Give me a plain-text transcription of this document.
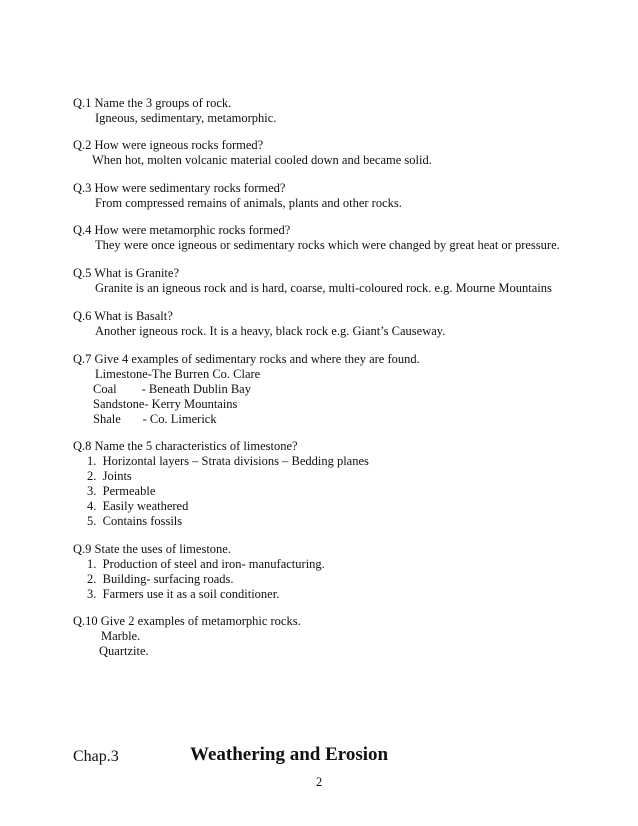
Q.1 Name the 3 groups of rock.
Igneous, sedimentary, metamorphic.
Q.2 How were igneous rocks formed?
When hot, molten volcanic material cooled down and became solid.
Q.3 How were sedimentary rocks formed?
From compressed remains of animals, plants and other rocks.
Q.4 How were metamorphic rocks formed?
They were once igneous or sedimentary rocks which were changed by great heat or pressure.
Q.5 What is Granite?
Granite is an igneous rock and is hard, coarse, multi-coloured rock. e.g. Mourne Mountains
Q.6 What is Basalt?
Another igneous rock. It is a heavy, black rock e.g. Giant’s Causeway.
Q.7 Give 4 examples of sedimentary rocks and where they are found.
Limestone-The Burren Co. Clare
Coal        - Beneath Dublin Bay
Sandstone- Kerry Mountains
Shale       - Co. Limerick
Q.8 Name the 5 characteristics of limestone?
1.  Horizontal layers – Strata divisions – Bedding planes
2.  Joints
3.  Permeable
4.  Easily weathered
5.  Contains fossils
Q.9 State the uses of limestone.
1.  Production of steel and iron- manufacturing.
2.  Building- surfacing roads.
3.  Farmers use it as a soil conditioner.
Q.10 Give 2 examples of metamorphic rocks.
Marble.
Quartzite.
Chap.3	Weathering and Erosion
2
